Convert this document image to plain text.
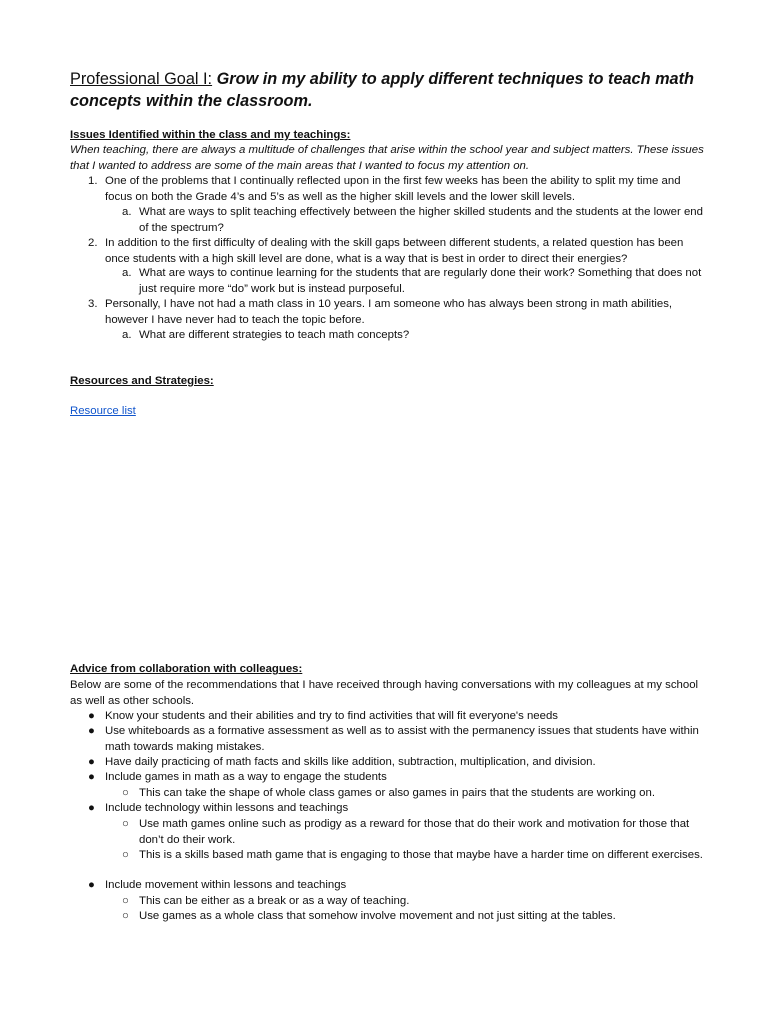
Professional Goal I: Grow in my ability to apply different techniques to teach math concepts within the classroom.
Issues Identified within the class and my teachings:
When teaching, there are always a multitude of challenges that arise within the school year and subject matters. These issues that I wanted to address are some of the main areas that I wanted to focus my attention on.
1. One of the problems that I continually reflected upon in the first few weeks has been the ability to split my time and focus on both the Grade 4’s and 5’s as well as the higher skill levels and the lower skill levels.
a. What are ways to split teaching effectively between the higher skilled students and the students at the lower end of the spectrum?
2. In addition to the first difficulty of dealing with the skill gaps between different students, a related question has been once students with a high skill level are done, what is a way that is best in order to direct their energies?
a. What are ways to continue learning for the students that are regularly done their work? Something that does not just require more “do” work but is instead purposeful.
3. Personally, I have not had a math class in 10 years. I am someone who has always been strong in math abilities, however I have never had to teach the topic before.
a. What are different strategies to teach math concepts?
Resources and Strategies:
Resource list
Advice from collaboration with colleagues:
Below are some of the recommendations that I have received through having conversations with my colleagues at my school as well as other schools.
● Know your students and their abilities and try to find activities that will fit everyone's needs
● Use whiteboards as a formative assessment as well as to assist with the permanency issues that students have within math towards making mistakes.
● Have daily practicing of math facts and skills like addition, subtraction, multiplication, and division.
● Include games in math as a way to engage the students
○ This can take the shape of whole class games or also games in pairs that the students are working on.
● Include technology within lessons and teachings
○ Use math games online such as prodigy as a reward for those that do their work and motivation for those that don’t do their work.
○ This is a skills based math game that is engaging to those that maybe have a harder time on different exercises.
● Include movement within lessons and teachings
○ This can be either as a break or as a way of teaching.
○ Use games as a whole class that somehow involve movement and not just sitting at the tables.
